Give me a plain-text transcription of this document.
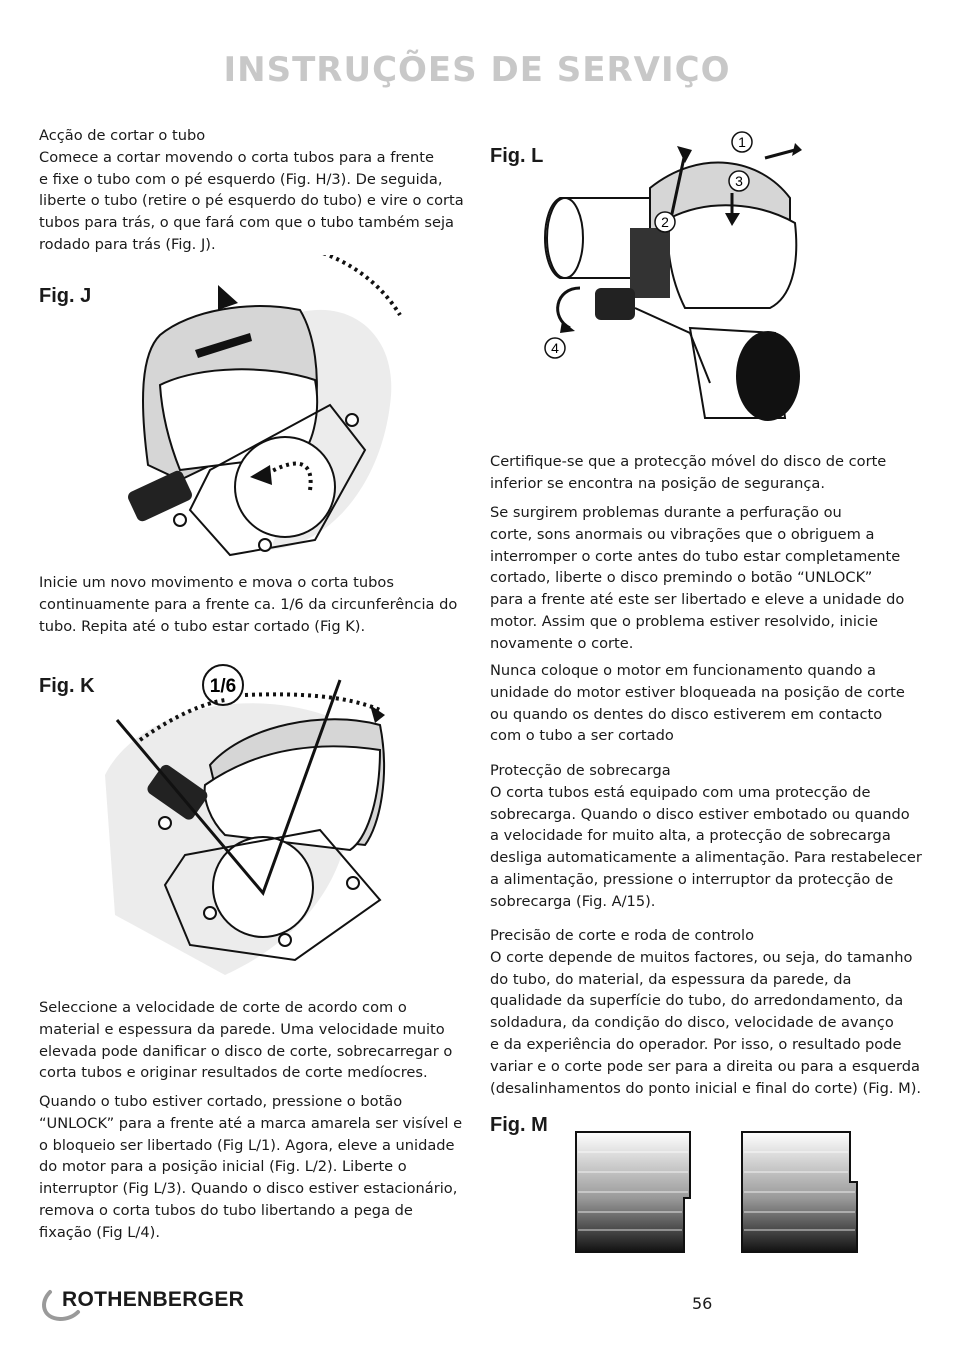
INSTRUÇÕES DE SERVIÇO

Acção de cortar o tubo

Comece a cortar movendo o corta tubos para a frente

e fixe o tubo com o pé esquerdo (Fig. H/3). De seguida,

liberte o tubo (retire o pé esquerdo do tubo) e vire o corta

tubos para trás, o que fará com que o tubo também seja

rodado para trás (Fig. J).

Fig. J

Inicie um novo movimento e mova o corta tubos

continuamente para a frente ca. 1/6 da circunferência do

tubo. Repita até o tubo estar cortado (Fig K).

Fig. K	1/6

Seleccione a velocidade de corte de acordo com o

material e espessura da parede. Uma velocidade muito

elevada pode danificar o disco de corte, sobrecarregar o

corta tubos e originar resultados de corte medíocres.

Quando o tubo estiver cortado, pressione o botão

“UNLOCK” para a frente até a marca amarela ser visível e

o bloqueio ser libertado (Fig L/1). Agora, eleve a unidade

do motor para a posição inicial (Fig. L/2). Liberte o

interruptor (Fig L/3). Quando o disco estiver estacionário,

remova o corta tubos do tubo libertando a pega de

fixação (Fig L/4).

Fig. L
1
2
3
4

Certifique-se que a protecção móvel do disco de corte

inferior se encontra na posição de segurança.

Se surgirem problemas durante a perfuração ou

corte, sons anormais ou vibrações que o obriguem a

interromper o corte antes do tubo estar completamente

cortado, liberte o disco premindo o botão “UNLOCK”

para a frente até este ser libertado e eleve a unidade do

motor. Assim que o problema estiver resolvido, inicie

novamente o corte.

Nunca coloque o motor em funcionamento quando a

unidade do motor estiver bloqueada na posição de corte

ou quando os dentes do disco estiverem em contacto

com o tubo a ser cortado

Protecção de sobrecarga

O corta tubos está equipado com uma protecção de

sobrecarga. Quando o disco estiver embotado ou quando

a velocidade for muito alta, a protecção de sobrecarga

desliga automaticamente a alimentação. Para restabelecer

a alimentação, pressione o interruptor da protecção de

sobrecarga (Fig. A/15).

Precisão de corte e roda de controlo

O corte depende de muitos factores, ou seja, do tamanho

do tubo, do material, da espessura da parede, da

qualidade da superfície do tubo, do arredondamento, da

soldadura, da condição do disco, velocidade de avanço

e da experiência do operador. Por isso, o resultado pode

variar e o corte pode ser para a direita ou para a esquerda

(desalinhamentos do ponto inicial e final do corte) (Fig. M).

Fig. M
ROTHENBERGER	56
